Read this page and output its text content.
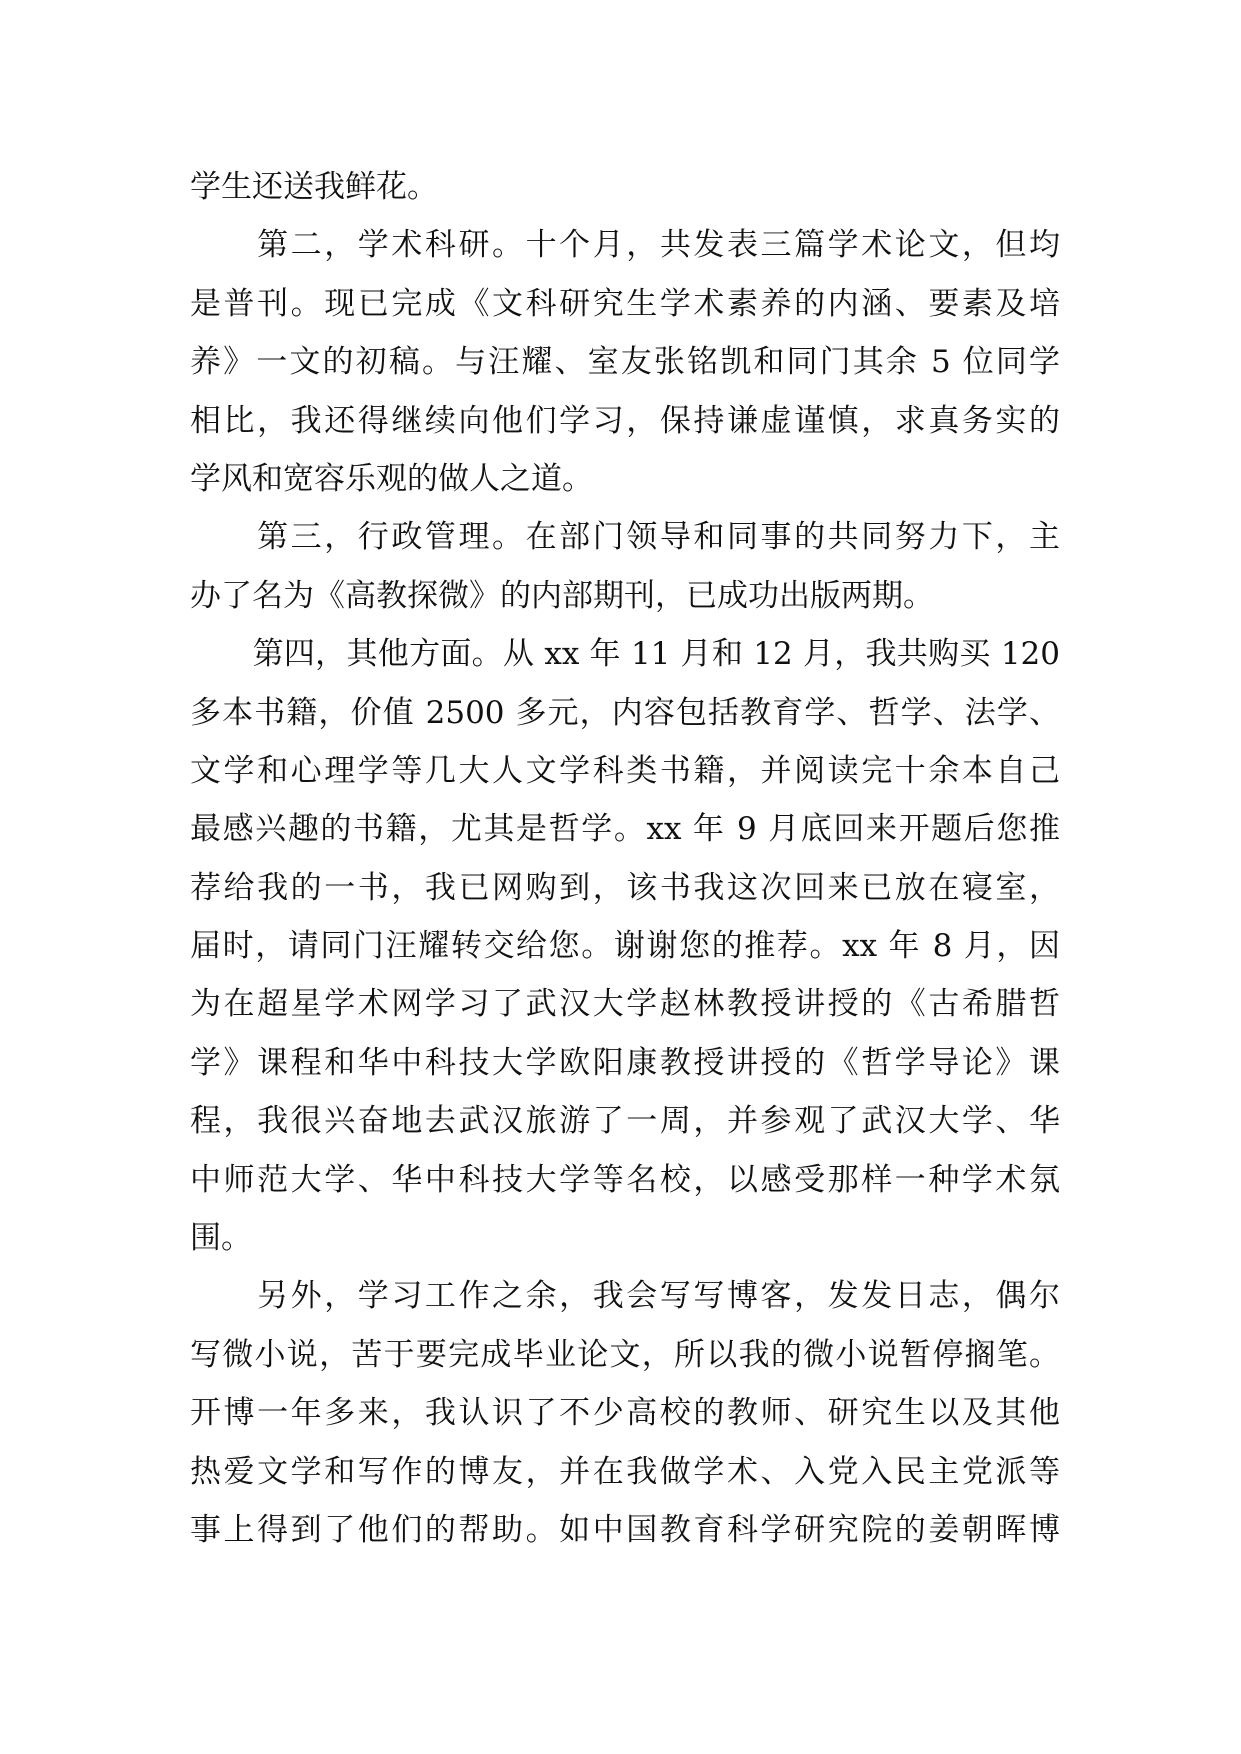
学生还送我鲜花。
　　第二，学术科研。十个月，共发表三篇学术论文，但均
是普刊。现已完成《文科研究生学术素养的内涵、要素及培
养》一文的初稿。与汪耀、室友张铭凯和同门其余 5 位同学
相比，我还得继续向他们学习，保持谦虚谨慎，求真务实的
学风和宽容乐观的做人之道。
　　第三，行政管理。在部门领导和同事的共同努力下，主
办了名为《高教探微》的内部期刊，已成功出版两期。
　　第四，其他方面。从 xx 年 11 月和 12 月，我共购买 120
多本书籍，价值 2500 多元，内容包括教育学、哲学、法学、
文学和心理学等几大人文学科类书籍，并阅读完十余本自己
最感兴趣的书籍，尤其是哲学。xx 年 9 月底回来开题后您推
荐给我的一书，我已网购到，该书我这次回来已放在寝室，
届时，请同门汪耀转交给您。谢谢您的推荐。xx 年 8 月，因
为在超星学术网学习了武汉大学赵林教授讲授的《古希腊哲
学》课程和华中科技大学欧阳康教授讲授的《哲学导论》课
程，我很兴奋地去武汉旅游了一周，并参观了武汉大学、华
中师范大学、华中科技大学等名校，以感受那样一种学术氛
围。
　　另外，学习工作之余，我会写写博客，发发日志，偶尔
写微小说，苦于要完成毕业论文，所以我的微小说暂停搁笔。
开博一年多来，我认识了不少高校的教师、研究生以及其他
热爱文学和写作的博友，并在我做学术、入党入民主党派等
事上得到了他们的帮助。如中国教育科学研究院的姜朝晖博
